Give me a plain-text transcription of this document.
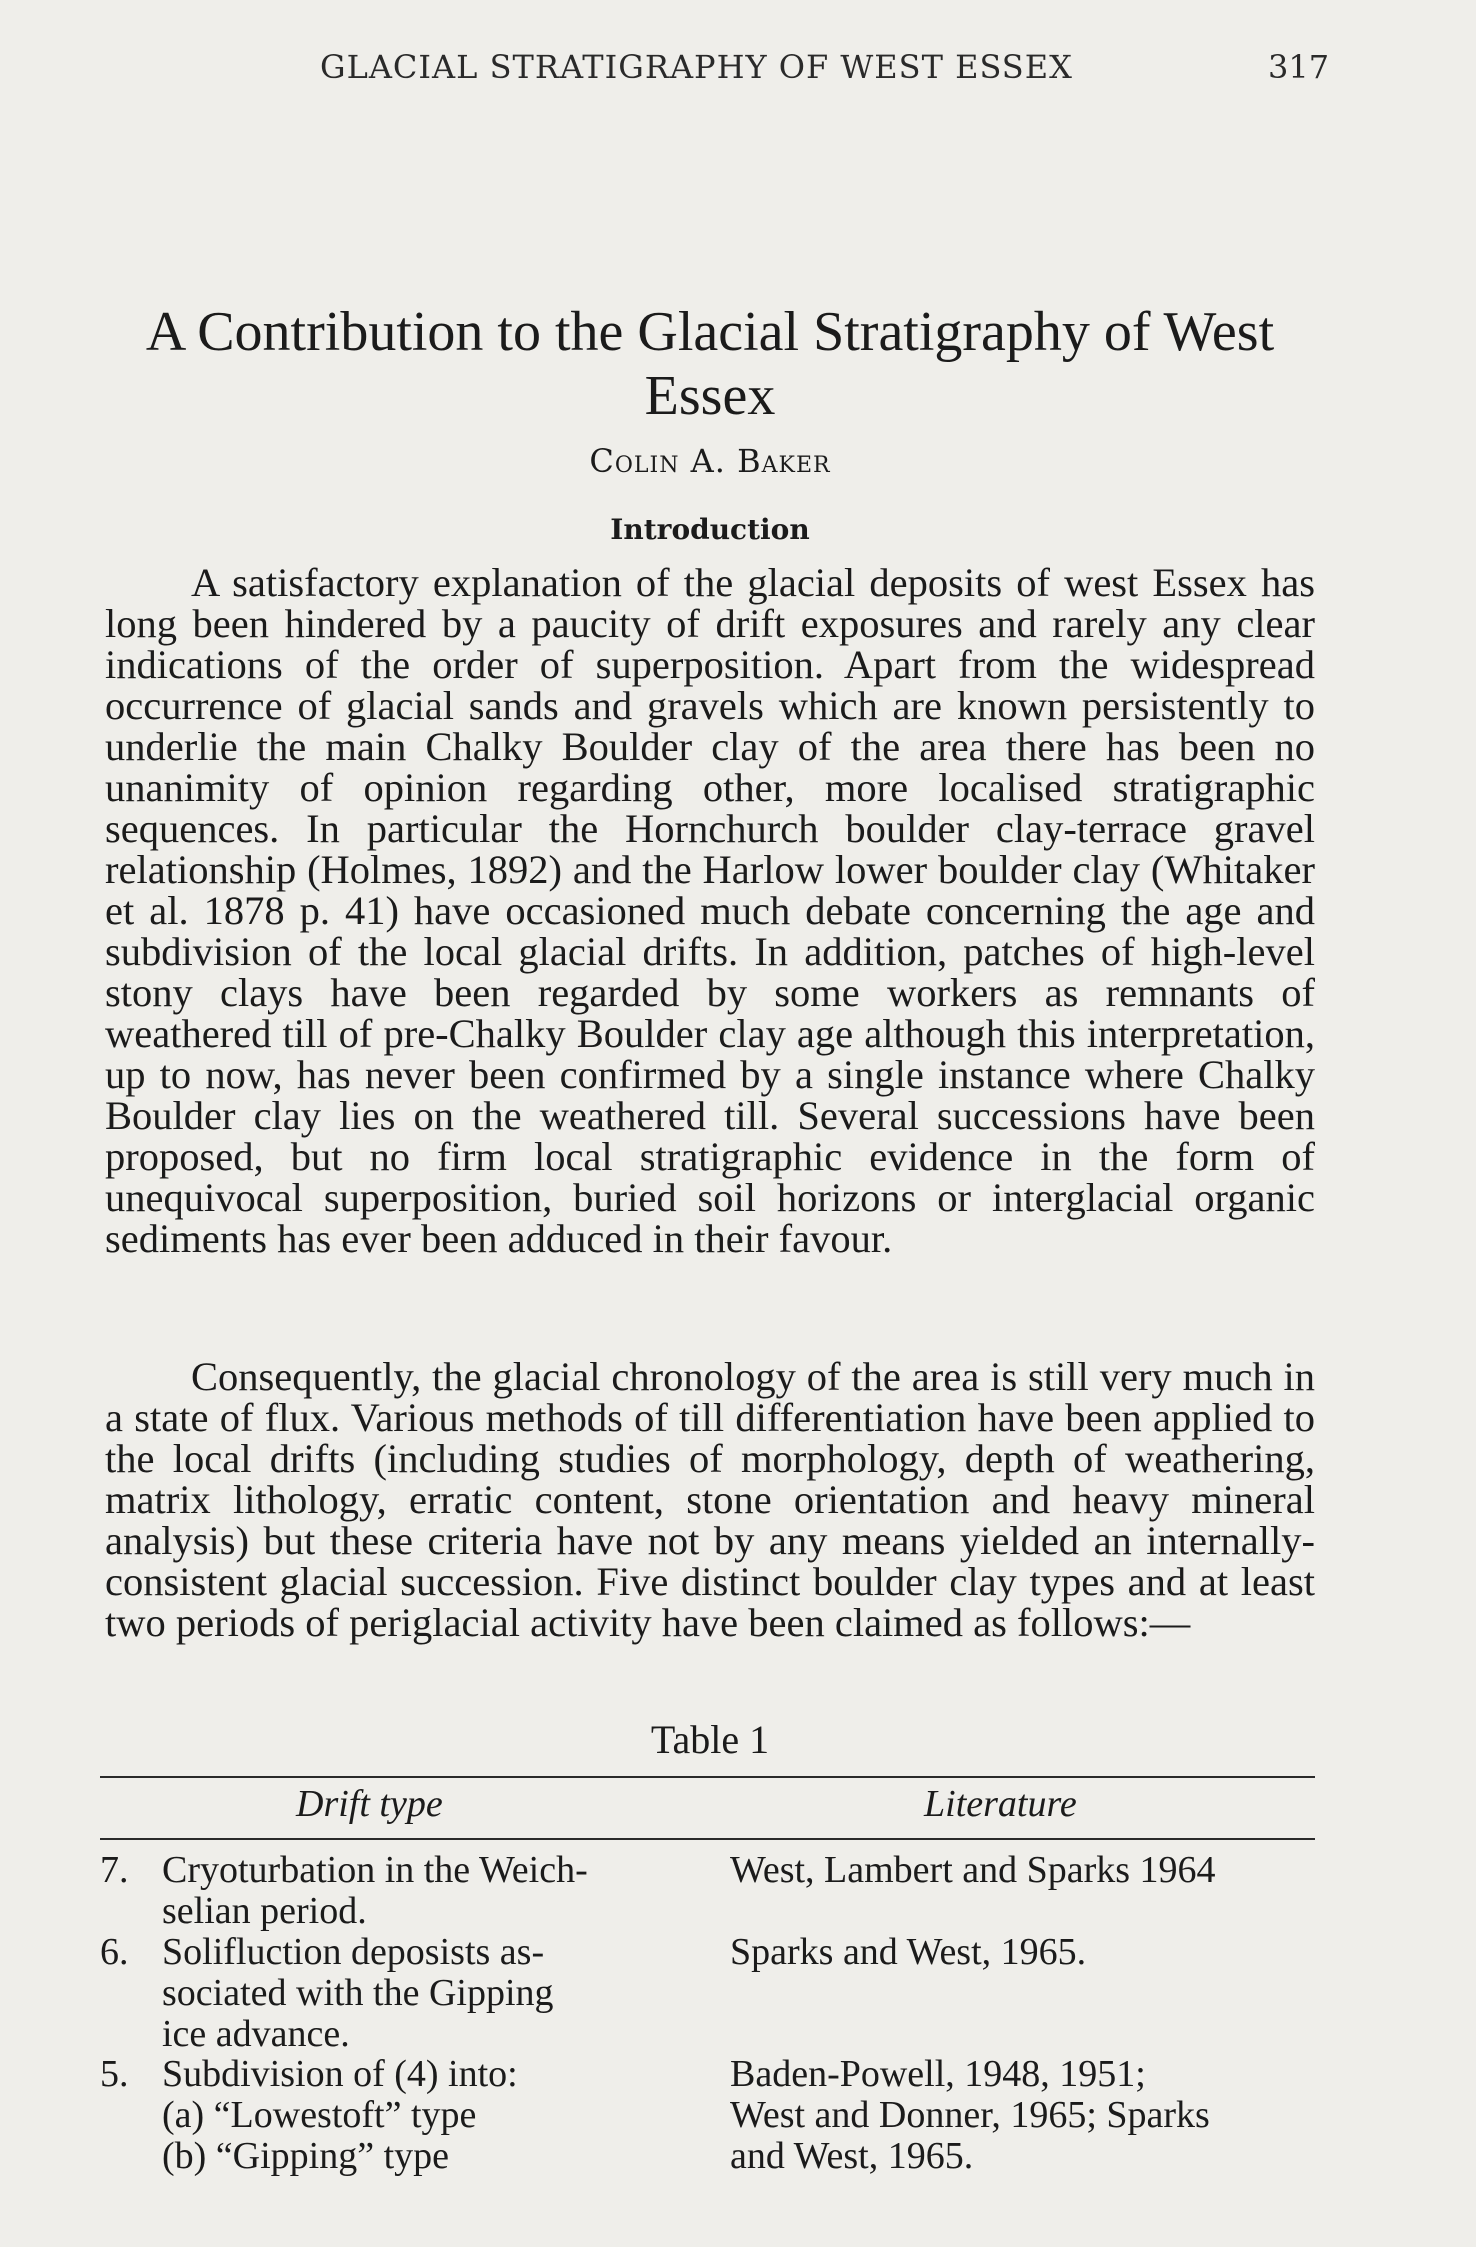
GLACIAL STRATIGRAPHY OF WEST ESSEX	317
A Contribution to the Glacial Stratigraphy of West Essex
Colin A. Baker
Introduction

A satisfactory explanation of the glacial deposits of west Essex has long been hindered by a paucity of drift exposures and rarely any clear indications of the order of superposition. Apart from the widespread occurrence of glacial sands and gravels which are known persistently to underlie the main Chalky Boulder clay of the area there has been no unanimity of opinion regarding other, more localised stratigraphic sequences. In particular the Hornchurch boulder clay-terrace gravel relationship (Holmes, 1892) and the Harlow lower boulder clay (Whitaker et al. 1878 p. 41) have occasioned much debate concerning the age and subdivision of the local glacial drifts. In addition, patches of high-level stony clays have been regarded by some workers as remnants of weathered till of pre-Chalky Boulder clay age although this interpretation, up to now, has never been confirmed by a single instance where Chalky Boulder clay lies on the weathered till. Several successions have been proposed, but no firm local stratigraphic evidence in the form of unequivocal superposition, buried soil horizons or interglacial organic sediments has ever been adduced in their favour.

Consequently, the glacial chronology of the area is still very much in a state of flux. Various methods of till differentiation have been applied to the local drifts (including studies of morphology, depth of weathering, matrix lithology, erratic content, stone orientation and heavy mineral analysis) but these criteria have not by any means yielded an internally-consistent glacial succession. Five distinct boulder clay types and at least two periods of periglacial activity have been claimed as follows:—

Table 1
Drift type	Literature
7. Cryoturbation in the Weich-
selian period.
West, Lambert and Sparks 1964
6. Solifluction deposists as-
sociated with the Gipping
ice advance.
Sparks and West, 1965.
5. Subdivision of (4) into:
(a) “Lowestoft” type
(b) “Gipping” type
Baden-Powell, 1948, 1951;
West and Donner, 1965; Sparks
and West, 1965.
